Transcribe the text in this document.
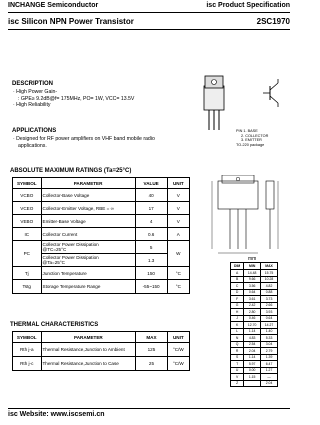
INCHANGE Semiconductor	isc Product Specification
isc Silicon NPN Power Transistor	2SC1970
DESCRIPTION
· High Power Gain-
: GPE≥ 9.2dB@f= 175MHz, PO= 1W, VCC= 13.5V
· High Reliability
PIN 1. BASE
2. COLLECTOR
3. EMITTER
TO-220 package
APPLICATIONS
· Designed for RF power amplifiers on VHF band mobile radio
applications.
ABSOLUTE MAXIMUM RATINGS (Ta=25°C)
SYMBOL	PARAMETER	VALUE	UNIT
VCBO	Collector-Base Voltage	40	V
VCEO	Collector-Emitter Voltage, RBE = ∞	17	V
VEBO	Emitter-Base Voltage	4	V
IC	Collector Current	0.6	A
PC	Collector Power Dissipation
@TC=25°C	5	W

	Collector Power Dissipation
@Ta=25°C	1.3	
Tj	Junction Temperature	150	°C
Tstg	Storage Temperature Range	-55~150	°C
THERMAL CHARACTERISTICS
SYMBOL	PARAMETER	MAX	UNIT
Rth j-a	Thermal Resistance,Junction to Ambient	125	°C/W
Rth j-c	Thermal Resistance,Junction to Case	25	°C/W
mm
DIM	MIN	MAX
A	14.48	15.75
B	9.66	10.28
C	3.56	4.82
D	0.64	0.88
F	3.61	3.73
G	2.42	2.66
H	2.80	3.93
J	0.46	0.64
K	12.70	14.27
L	1.14	1.40
N	4.83	5.33
Q	2.54	3.04
R	2.04	2.79
S	1.14	1.39
T	5.97	6.47
U	0.00	1.27
V	1.15	—
Z		2.04
isc Website: www.iscsemi.cn
